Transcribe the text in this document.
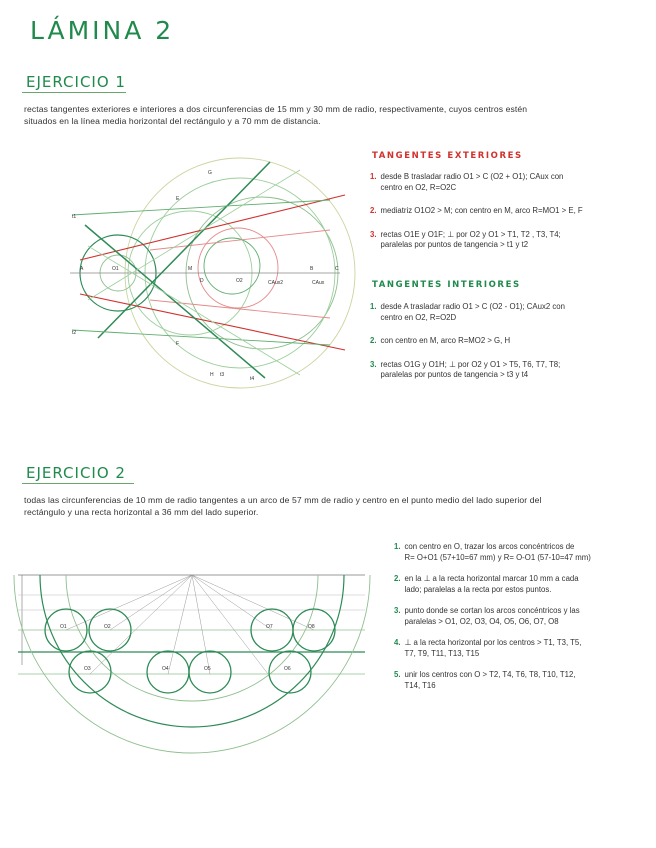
LÁMINA 2
EJERCICIO 1
rectas tangentes exteriores e interiores a dos circunferencias de 15 mm y 30 mm de radio, respectivamente, cuyos centros estén
situados en la línea media horizontal del rectángulo y a 70 mm de distancia.
O1
O2
M
A	B	C
D
E
F
G
H
t1
t2
t3
t4
CAux
CAux2
TANGENTES EXTERIORES
1. desde B trasladar radio O1 > C (O2 + O1); CAux con
centro en O2, R=O2C
2. mediatriz O1O2 > M; con centro en M, arco R=MO1 > E, F
3. rectas O1E y O1F; ⊥ por O2 y O1 > T1, T2 , T3, T4;
paralelas por puntos de tangencia > t1 y t2
TANGENTES INTERIORES
1. desde A trasladar radio O1 > C (O2 - O1); CAux2 con
centro en O2, R=O2D
2. con centro en M, arco R=MO2 > G, H
3. rectas O1G y O1H; ⊥ por O2 y O1 > T5, T6, T7, T8;
paralelas por puntos de tangencia > t3 y t4
EJERCICIO 2
todas las circunferencias de 10 mm de radio tangentes a un arco de 57 mm de radio y centro en el punto medio del lado superior del
rectángulo y una recta horizontal a 36 mm del lado superior.
O1	O2
O3	O4	O5	O6
O7	O8
1. con centro en O, trazar los arcos concéntricos de
R= O+O1 (57+10=67 mm) y R= O-O1 (57-10=47 mm)
2. en la ⊥ a la recta horizontal marcar 10 mm a cada
lado; paralelas a la recta por estos puntos.
3. punto donde se cortan los arcos concéntricos y las
paralelas > O1, O2, O3, O4, O5, O6, O7, O8
4. ⊥ a la recta horizontal por los centros > T1, T3, T5,
T7, T9, T11, T13, T15
5. unir los centros con O > T2, T4, T6, T8, T10, T12,
T14, T16
